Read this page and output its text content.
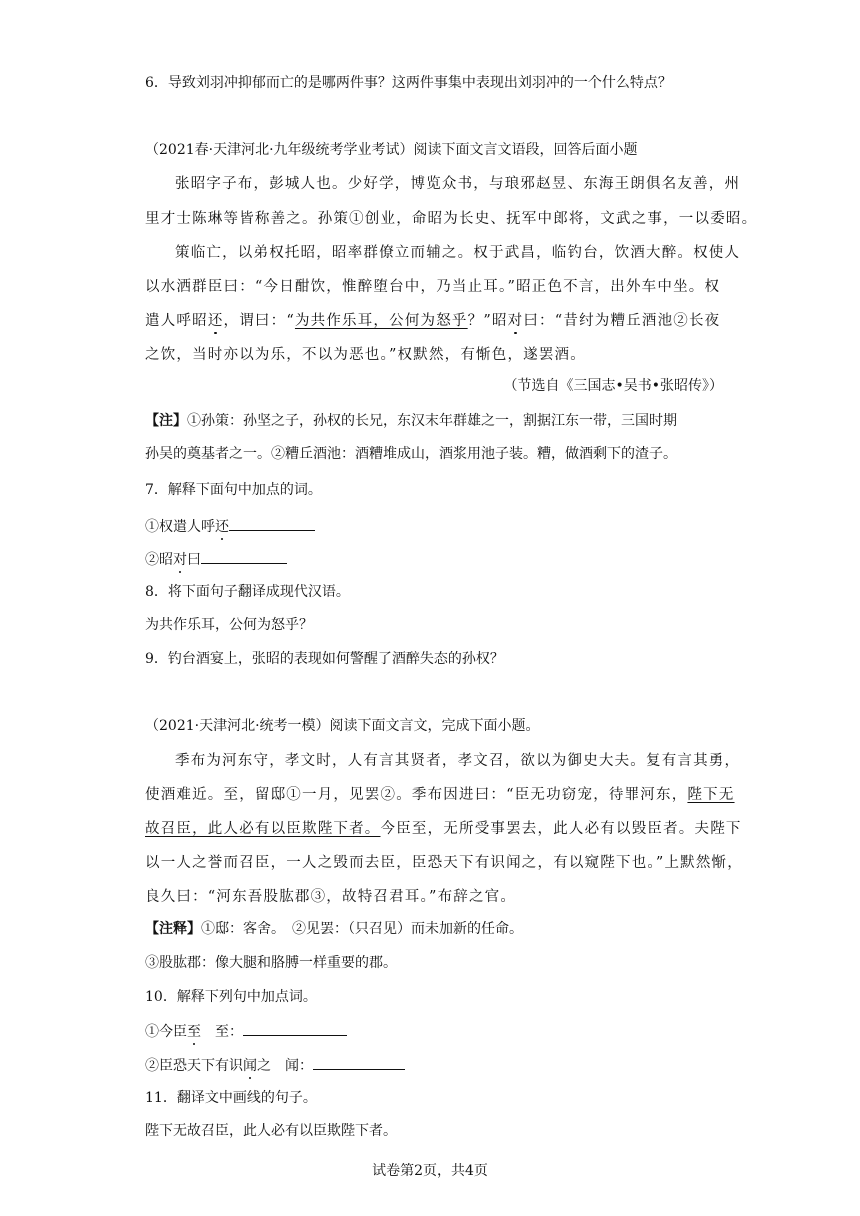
6．导致刘羽冲抑郁而亡的是哪两件事？这两件事集中表现出刘羽冲的一个什么特点？
（2021春·天津河北·九年级统考学业考试）阅读下面文言文语段，回答后面小题
张昭字子布，彭城人也。少好学，博览众书，与琅邪赵昱、东海王朗俱名友善，州
里才士陈琳等皆称善之。孙策①创业，命昭为长史、抚军中郎将，文武之事，一以委昭。
策临亡，以弟权托昭，昭率群僚立而辅之。权于武昌，临钓台，饮酒大醉。权使人
以水洒群臣曰：“今日酣饮，惟醉堕台中，乃当止耳。”昭正色不言，出外车中坐。权
遣人呼昭还，谓曰：“为共作乐耳，公何为怒乎？”昭对曰：“昔纣为糟丘酒池②长夜
之饮，当时亦以为乐，不以为恶也。”权默然，有惭色，遂罢酒。
（节选自《三国志•吴书•张昭传》）
【注】①孙策：孙坚之子，孙权的长兄，东汉末年群雄之一，割据江东一带，三国时期
孙吴的奠基者之一。②糟丘酒池：酒糟堆成山，酒浆用池子装。糟，做酒剩下的渣子。
7．解释下面句中加点的词。
①权遣人呼还
②昭对曰
8．将下面句子翻译成现代汉语。
为共作乐耳，公何为怒乎？
9．钓台酒宴上，张昭的表现如何警醒了酒醉失态的孙权？
（2021·天津河北·统考一模）阅读下面文言文，完成下面小题。
季布为河东守，孝文时，人有言其贤者，孝文召，欲以为御史大夫。复有言其勇，
使酒难近。至，留邸①一月，见罢②。季布因进曰：“臣无功窃宠，待罪河东，陛下无
故召臣，此人必有以臣欺陛下者。今臣至，无所受事罢去，此人必有以毁臣者。夫陛下
以一人之誉而召臣，一人之毁而去臣，臣恐天下有识闻之，有以窥陛下也。”上默然惭，
良久曰：“河东吾股肱郡③，故特召君耳。”布辞之官。
【注释】①邸：客舍。　②见罢：（只召见）而未加新的任命。
③股肱郡：像大腿和胳膊一样重要的郡。
10．解释下列句中加点词。
①今臣至　至：
②臣恐天下有识闻之　闻：
11．翻译文中画线的句子。
陛下无故召臣，此人必有以臣欺陛下者。
试卷第2页，共4页
